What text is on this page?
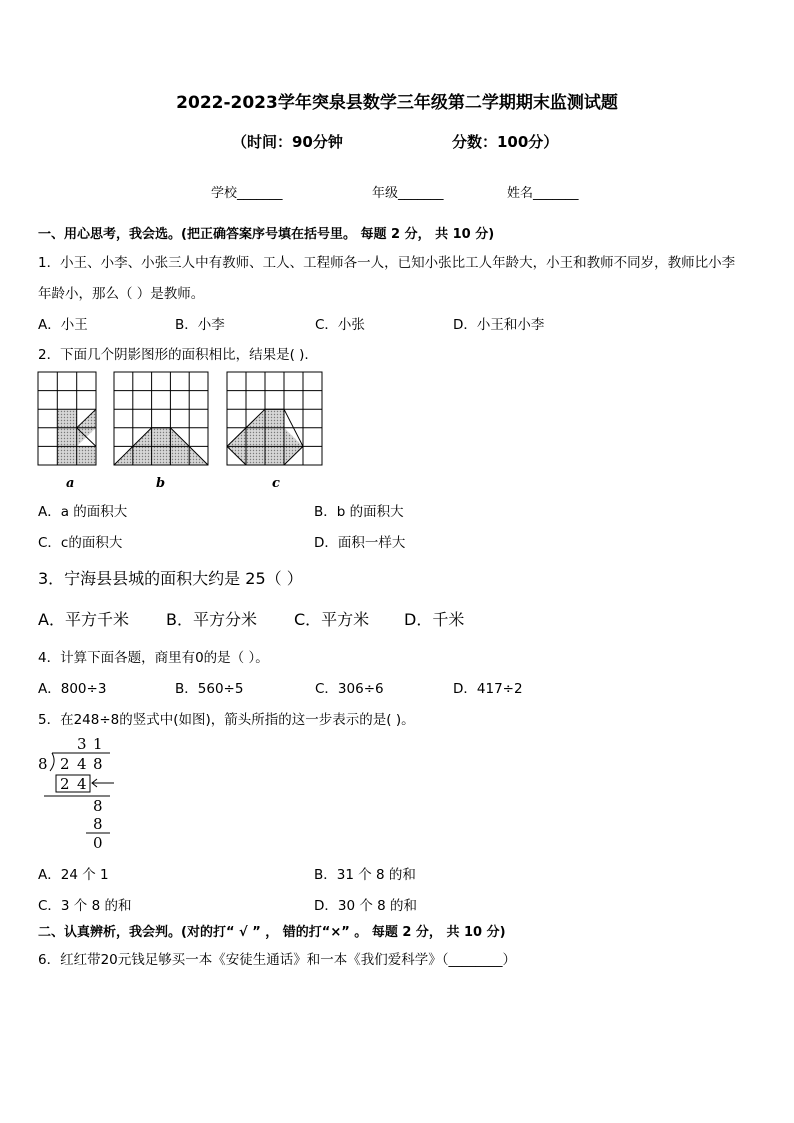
2022-2023学年突泉县数学三年级第二学期期末监测试题
（时间：90分钟	分数：100分）
学校_______	年级_______	姓名_______
一、用心思考，我会选。(把正确答案序号填在括号里。 每题 2 分， 共 10 分)
1．小王、小李、小张三人中有教师、工人、工程师各一人，已知小张比工人年龄大，小王和教师不同岁，教师比小李
年龄小，那么（ ）是教师。
A．小王	B．小李	C．小张	D．小王和小李
2．下面几个阴影图形的面积相比，结果是( ).
a	b	c
A．a 的面积大	B．b 的面积大
C．c的面积大	D．面积一样大
3．宁海县县城的面积大约是 25（ ）
A．平方千米 B．平方分米 C．平方米 D．千米
4．计算下面各题，商里有0的是（ ）。
A．800÷3	B．560÷5	C．306÷6	D．417÷2
5．在248÷8的竖式中(如图)，箭头所指的这一步表示的是( )。
3 1
8 2 4 8
2 4
8
8
0
A．24 个 1	B．31 个 8 的和
C．3 个 8 的和	D．30 个 8 的和
二、认真辨析，我会判。(对的打“ √ ” ， 错的打“×” 。 每题 2 分， 共 10 分)
6．红红带20元钱足够买一本《安徒生通话》和一本《我们爱科学》（________）
